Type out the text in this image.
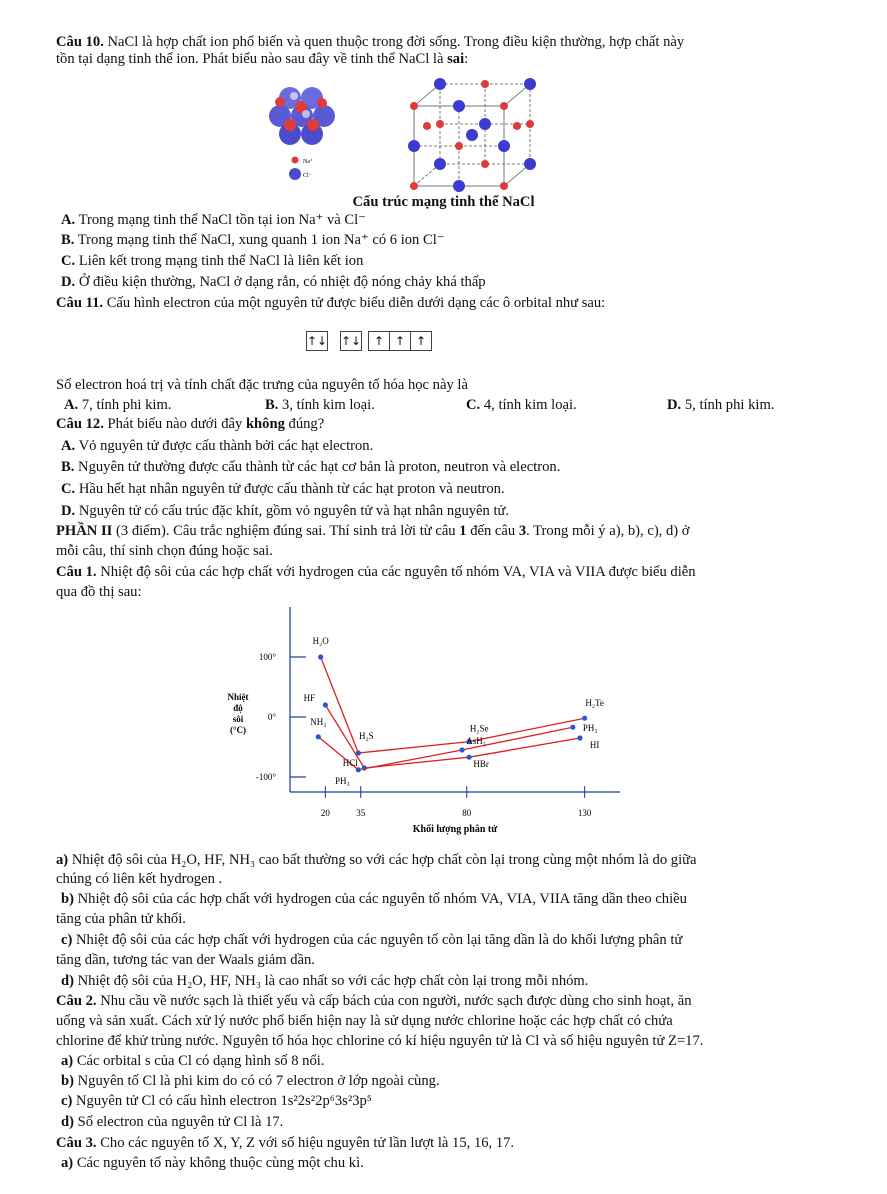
Câu 10. NaCl là hợp chất ion phổ biến và quen thuộc trong đời sống. Trong điều kiện thường, hợp chất này
tồn tại dạng tinh thể ion. Phát biểu nào sau đây về tinh thể NaCl là sai:
Na⁺
Cl⁻
Cấu trúc mạng tinh thể NaCl
A. Trong mạng tinh thể NaCl tồn tại ion Na⁺ và Cl⁻
B. Trong mạng tinh thể NaCl, xung quanh 1 ion Na⁺ có 6 ion Cl⁻
C. Liên kết trong mạng tinh thể NaCl là liên kết ion
D. Ở điều kiện thường, NaCl ở dạng rắn, có nhiệt độ nóng chảy khá thấp
Câu 11. Cấu hình electron của một nguyên tử được biểu diễn dưới dạng các ô orbital như sau:
↑↓ ↑↓	↑ ↑ ↑
Số electron hoá trị và tính chất đặc trưng của nguyên tố hóa học này là
A. 7, tính phi kim.	B. 3, tính kim loại.	C. 4, tính kim loại.	D. 5, tính phi kim.
Câu 12. Phát biểu nào dưới đây không đúng?
A. Vỏ nguyên tử được cấu thành bởi các hạt electron.
B. Nguyên tử thường được cấu thành từ các hạt cơ bản là proton, neutron và electron.
C. Hầu hết hạt nhân nguyên tử được cấu thành từ các hạt proton và neutron.
D. Nguyên tử có cấu trúc đặc khít, gồm vỏ nguyên tử và hạt nhân nguyên tử.
PHẦN II (3 điểm). Câu trắc nghiệm đúng sai. Thí sinh trả lời từ câu 1 đến câu 3. Trong mỗi ý a), b), c), d) ở
mỗi câu, thí sinh chọn đúng hoặc sai.
Câu 1. Nhiệt độ sôi của các hợp chất với hydrogen của các nguyên tố nhóm VA, VIA và VIIA được biểu diễn
qua đồ thị sau:
Nhiệt
độ
sôi
(°C)
100°
0°
-100°
20	35	80	130
Khối lượng phân tử
H₂O
HF
NH₃
H₂S
HCl
PH₃
H₂Se
AsH₃
HBr
H₂Te
PH₃
HI
a) Nhiệt độ sôi của H₂O, HF, NH₃ cao bất thường so với các hợp chất còn lại trong cùng một nhóm là do giữa
chúng có liên kết hydrogen .
b) Nhiệt độ sôi của các hợp chất với hydrogen của các nguyên tố nhóm VA, VIA, VIIA tăng dần theo chiều
tăng của phân tử khối.
c) Nhiệt độ sôi của các hợp chất với hydrogen của các nguyên tố còn lại tăng dần là do khối lượng phân tử
tăng dần, tương tác van der Waals giảm dần.
d) Nhiệt độ sôi của H₂O, HF, NH₃ là cao nhất so với các hợp chất còn lại trong mỗi nhóm.
Câu 2. Nhu cầu về nước sạch là thiết yếu và cấp bách của con người, nước sạch được dùng cho sinh hoạt, ăn
uống và sản xuất. Cách xử lý nước phổ biến hiện nay là sử dụng nước chlorine hoặc các hợp chất có chứa
chlorine để khử trùng nước. Nguyên tố hóa học chlorine có kí hiệu nguyên tử là Cl và số hiệu nguyên tử Z=17.
a) Các orbital s của Cl có dạng hình số 8 nổi.
b) Nguyên tố Cl là phi kim do có có 7 electron ở lớp ngoài cùng.
c) Nguyên tử Cl có cấu hình electron 1s²2s²2p⁶3s²3p⁵
d) Số electron của nguyên tử Cl là 17.
Câu 3. Cho các nguyên tố X, Y, Z với số hiệu nguyên tử lần lượt là 15, 16, 17.
a) Các nguyên tố này không thuộc cùng một chu kì.
